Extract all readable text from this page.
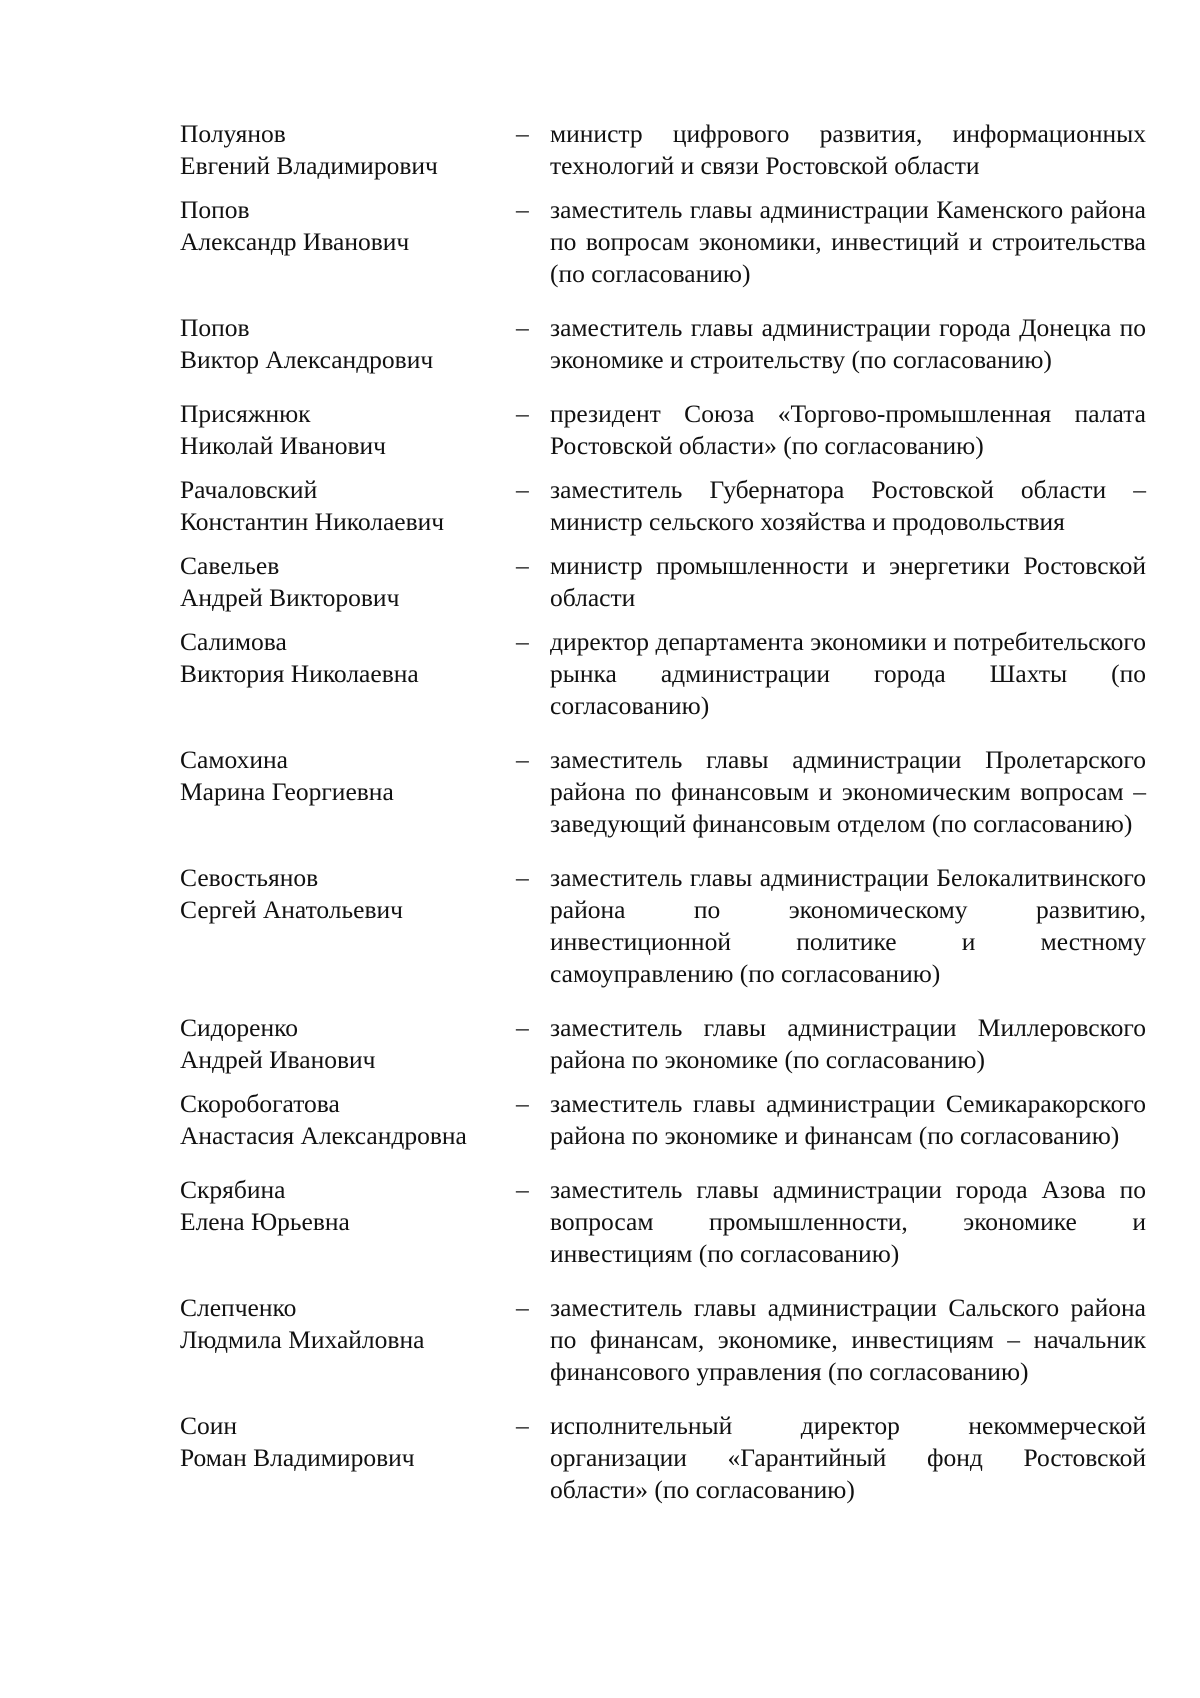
Полуянов
Евгений Владимирович
– министр цифрового развития, информационных технологий и связи Ростовской области
Попов
Александр Иванович
– заместитель главы администрации Каменского района по вопросам экономики, инвестиций и строительства (по согласованию)
Попов
Виктор Александрович
– заместитель главы администрации города Донецка по экономике и строительству (по согласованию)
Присяжнюк
Николай Иванович
– президент Союза «Торгово-промышленная палата Ростовской области» (по согласованию)
Рачаловский
Константин Николаевич
– заместитель Губернатора Ростовской области – министр сельского хозяйства и продовольствия
Савельев
Андрей Викторович
– министр промышленности и энергетики Ростовской области
Салимова
Виктория Николаевна
– директор департамента экономики и потребительского рынка администрации города Шахты (по согласованию)
Самохина
Марина Георгиевна
– заместитель главы администрации Пролетарского района по финансовым и экономическим вопросам – заведующий финансовым отделом (по согласованию)
Севостьянов
Сергей Анатольевич
– заместитель главы администрации Белокалитвинского района по экономическому развитию, инвестиционной политике и местному самоуправлению (по согласованию)
Сидоренко
Андрей Иванович
– заместитель главы администрации Миллеровского района по экономике (по согласованию)
Скоробогатова
Анастасия Александровна
– заместитель главы администрации Семикаракорского района по экономике и финансам (по согласованию)
Скрябина
Елена Юрьевна
– заместитель главы администрации города Азова по вопросам промышленности, экономике и инвестициям (по согласованию)
Слепченко
Людмила Михайловна
– заместитель главы администрации Сальского района по финансам, экономике, инвестициям – начальник финансового управления (по согласованию)
Соин
Роман Владимирович
– исполнительный директор некоммерческой организации «Гарантийный фонд Ростовской области» (по согласованию)
